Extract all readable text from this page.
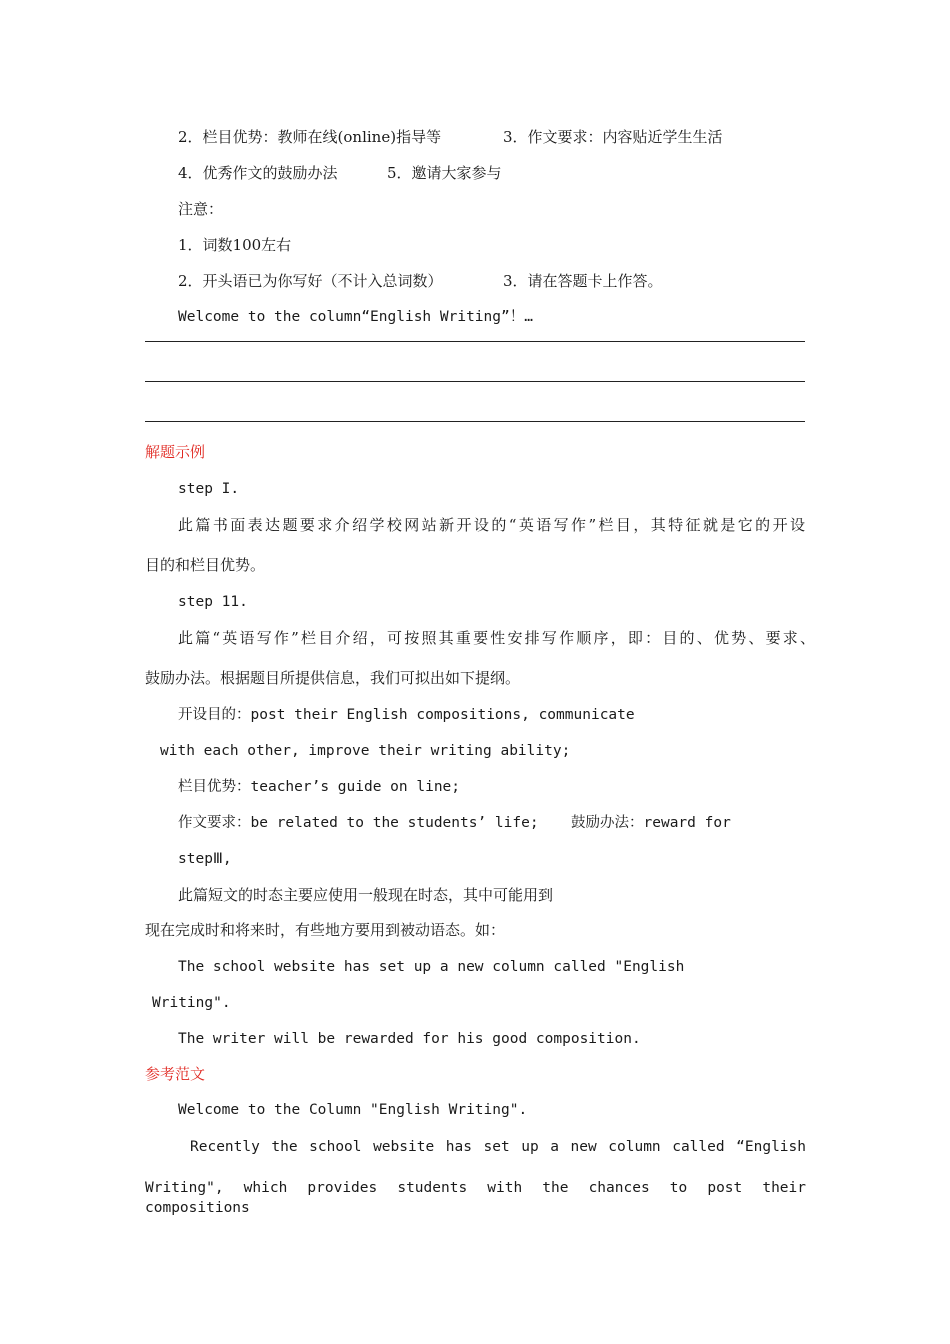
2．栏目优势：教师在线(online)指导等	3．作文要求：内容贴近学生生活
4．优秀作文的鼓励办法	5．邀请大家参与
注意：
1．词数100左右
2．开头语已为你写好（不计入总词数）	3．请在答题卡上作答。
Welcome to the column“English Writing”！…
解题示例
step I.
此篇书面表达题要求介绍学校网站新开设的“英语写作”栏目，其特征就是它的开设
目的和栏目优势。
step 11.
此篇“英语写作”栏目介绍，可按照其重要性安排写作顺序，即：目的、优势、要求、
鼓励办法。根据题目所提供信息，我们可拟出如下提纲。
开设目的：post their English compositions, communicate
with each other, improve their writing ability;
栏目优势：teacher’s guide on line;
作文要求：be related to the students’ life; 鼓励办法：reward for
stepⅢ,
此篇短文的时态主要应使用一般现在时态，其中可能用到
现在完成时和将来时，有些地方要用到被动语态。如：
The school website has set up a new column called "English
Writing".
The writer will be rewarded for his good composition.
参考范文
Welcome to the Column "English Writing".
Recently the school website has set up a new column called “English
Writing", which provides students with the chances to post their compositions
